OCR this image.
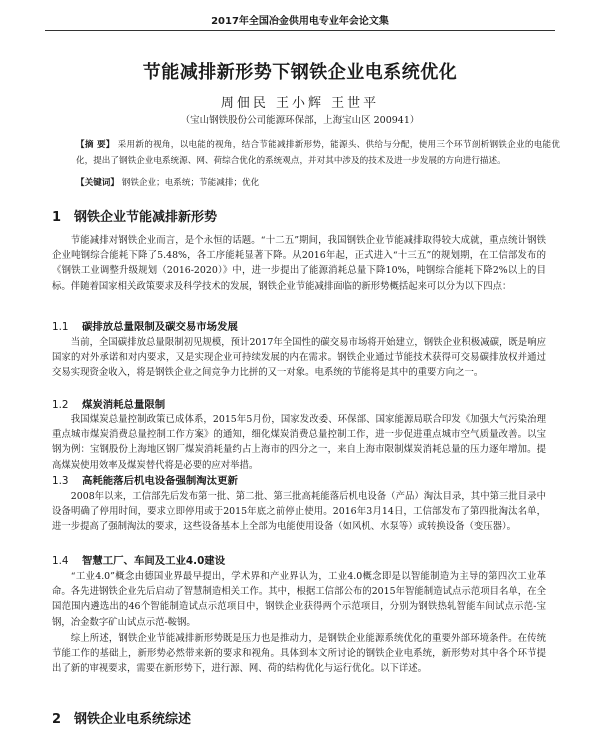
2017年全国冶金供用电专业年会论文集
节能减排新形势下钢铁企业电系统优化
周佃民 王小辉 王世平
（宝山钢铁股份公司能源环保部，上海宝山区 200941）
【摘 要】 采用新的视角，以电能的视角，结合节能减排新形势，能源头、供给与分配，使用三个环节剖析钢铁企业的电能优化，提出了钢铁企业电系统源、网、荷综合优化的系统观点，并对其中涉及的技术及进一步发展的方向进行描述。
【关键词】 钢铁企业；电系统；节能减排；优化
1 钢铁企业节能减排新形势

节能减排对钢铁企业而言，是个永恒的话题。“十二五”期间，我国钢铁企业节能减排取得较大成就，重点统计钢铁企业吨钢综合能耗下降了5.48%，各工序能耗显著下降。从2016年起，正式进入“十三五”的规划期，在工信部发布的《钢铁工业调整升级规划（2016-2020）》中，进一步提出了能源消耗总量下降10%，吨钢综合能耗下降2%以上的目标。伴随着国家相关政策要求及科学技术的发展，钢铁企业节能减排面临的新形势概括起来可以分为以下四点：

1.1 碳排放总量限制及碳交易市场发展

当前，全国碳排放总量限制初见规模，预计2017年全国性的碳交易市场将开始建立，钢铁企业积极减碳，既是响应国家的对外承诺和对内要求，又是实现企业可持续发展的内在需求。钢铁企业通过节能技术获得可交易碳排放权并通过交易实现资金收入，将是钢铁企业之间竞争力比拼的又一对象。电系统的节能将是其中的重要方向之一。

1.2 煤炭消耗总量限制

我国煤炭总量控制政策已成体系，2015年5月份，国家发改委、环保部、国家能源局联合印发《加强大气污染治理重点城市煤炭消费总量控制工作方案》的通知，细化煤炭消费总量控制工作，进一步促进重点城市空气质量改善。以宝钢为例：宝钢股份上海地区钢厂煤炭消耗量约占上海市的四分之一，来自上海市限制煤炭消耗总量的压力逐年增加。提高煤炭使用效率及煤炭替代将是必要的应对举措。

1.3 高耗能落后机电设备强制淘汰更新

2008年以来，工信部先后发布第一批、第二批、第三批高耗能落后机电设备（产品）淘汰目录，其中第三批目录中设备明确了停用时间，要求立即停用或于2015年底之前停止使用。2016年3月14日，工信部发布了第四批淘汰名单，进一步提高了强制淘汰的要求，这些设备基本上全部为电能使用设备（如风机、水泵等）或转换设备（变压器）。

1.4 智慧工厂、车间及工业4.0建设

“工业4.0”概念由德国业界最早提出，学术界和产业界认为，工业4.0概念即是以智能制造为主导的第四次工业革命。各先进钢铁企业先后启动了智慧制造相关工作。其中，根据工信部公布的2015年智能制造试点示范项目名单，在全国范围内遴选出的46个智能制造试点示范项目中，钢铁企业获得两个示范项目，分别为钢铁热轧智能车间试点示范-宝钢，冶金数字矿山试点示范-鞍钢。

综上所述，钢铁企业节能减排新形势既是压力也是推动力，是钢铁企业能源系统优化的重要外部环境条件。在传统节能工作的基础上，新形势必然带来新的要求和视角。具体到本文所讨论的钢铁企业电系统，新形势对其中各个环节提出了新的审视要求，需要在新形势下，进行源、网、荷的结构优化与运行优化。以下详述。

2 钢铁企业电系统综述
